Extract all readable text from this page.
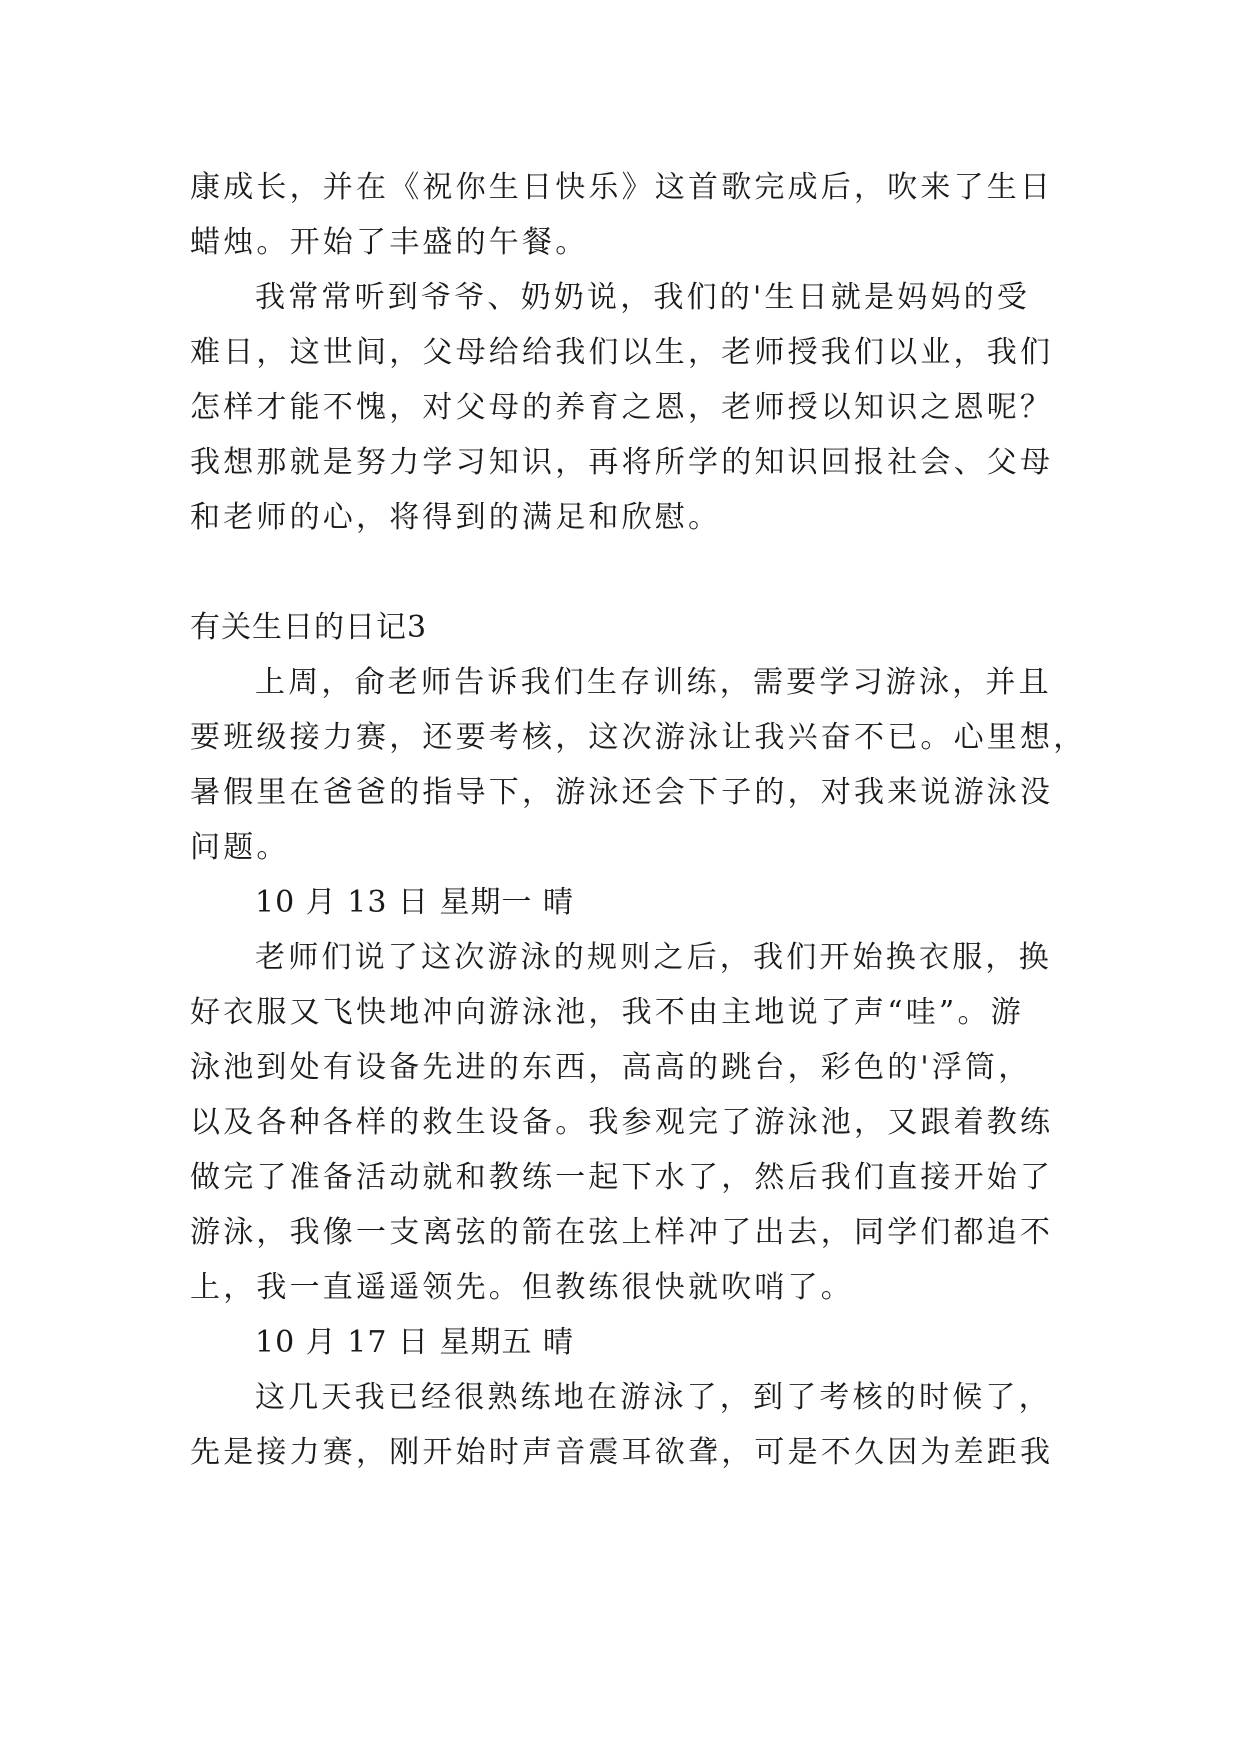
康成长，并在《祝你生日快乐》这首歌完成后，吹来了生日
蜡烛。开始了丰盛的午餐。
我常常听到爷爷、奶奶说，我们的'生日就是妈妈的受
难日，这世间，父母给给我们以生，老师授我们以业，我们
怎样才能不愧，对父母的养育之恩，老师授以知识之恩呢？
我想那就是努力学习知识，再将所学的知识回报社会、父母
和老师的心，将得到的满足和欣慰。
有关生日的日记3
上周，俞老师告诉我们生存训练，需要学习游泳，并且
要班级接力赛，还要考核，这次游泳让我兴奋不已。心里想，
暑假里在爸爸的指导下，游泳还会下子的，对我来说游泳没
问题。
10 月 13 日 星期一 晴
老师们说了这次游泳的规则之后，我们开始换衣服，换
好衣服又飞快地冲向游泳池，我不由主地说了声“哇”。游
泳池到处有设备先进的东西，高高的跳台，彩色的'浮筒，
以及各种各样的救生设备。我参观完了游泳池，又跟着教练
做完了准备活动就和教练一起下水了，然后我们直接开始了
游泳，我像一支离弦的箭在弦上样冲了出去，同学们都追不
上，我一直遥遥领先。但教练很快就吹哨了。
10 月 17 日 星期五 晴
这几天我已经很熟练地在游泳了，到了考核的时候了，
先是接力赛，刚开始时声音震耳欲聋，可是不久因为差距我
